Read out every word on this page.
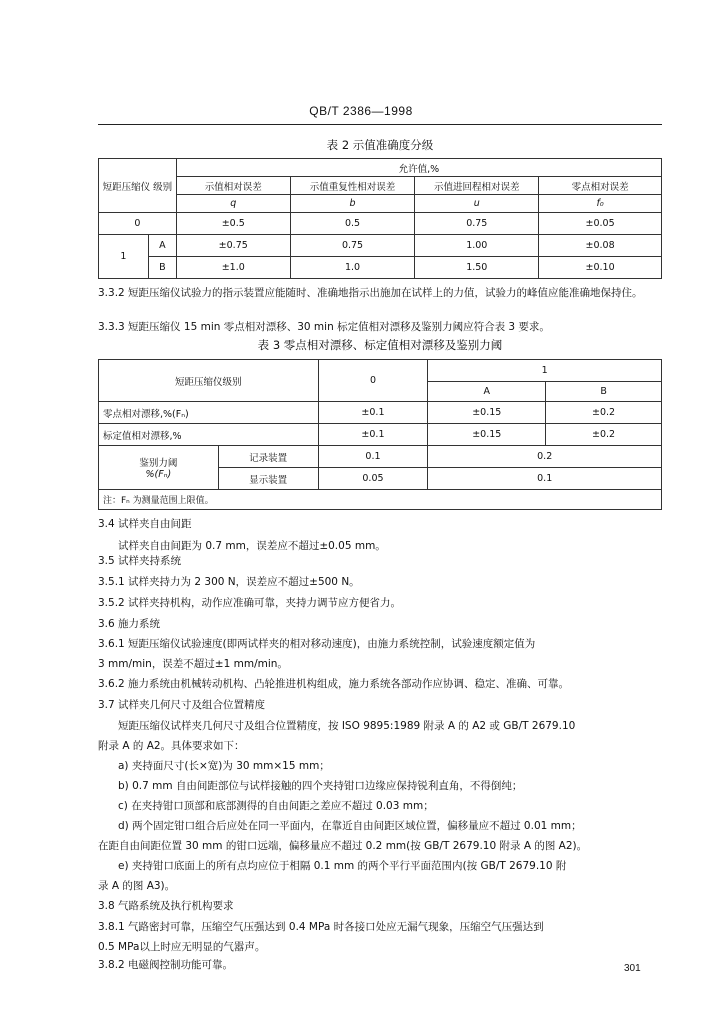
QB/T 2386—1998
表 2 示值准确度分级
短距压缩仪 级别		允许值,%			
		示值相对误差	示值重复性相对误差	示值进回程相对误差	零点相对误差
		q	b	u	f₀
0		±0.5	0.5	0.75	±0.05
1	A	±0.75	0.75	1.00	±0.08
	B	±1.0	1.0	1.50	±0.10
3.3.2 短距压缩仪试验力的指示装置应能随时、准确地指示出施加在试样上的力值，试验力的峰值应能准确地保持住。
3.3.3 短距压缩仪 15 min 零点相对漂移、30 min 标定值相对漂移及鉴别力阈应符合表 3 要求。
表 3 零点相对漂移、标定值相对漂移及鉴别力阈
短距压缩仪级别		0	1	
			A	B
零点相对漂移,%(Fₙ)		±0.1	±0.15	±0.2
标定值相对漂移,%		±0.1	±0.15	±0.2

鉴别力阈
%(Fₙ)	记录装置	0.1	0.2	
	显示装置	0.05	0.1	
注：Fₙ 为测量范围上限值。				
3.4 试样夹自由间距
试样夹自由间距为 0.7 mm，误差应不超过±0.05 mm。
3.5 试样夹持系统
3.5.1 试样夹持力为 2 300 N，误差应不超过±500 N。
3.5.2 试样夹持机构，动作应准确可靠，夹持力调节应方便省力。
3.6 施力系统
3.6.1 短距压缩仪试验速度(即两试样夹的相对移动速度)，由施力系统控制，试验速度额定值为
3 mm/min，误差不超过±1 mm/min。
3.6.2 施力系统由机械转动机构、凸轮推进机构组成，施力系统各部动作应协调、稳定、准确、可靠。
3.7 试样夹几何尺寸及组合位置精度
短距压缩仪试样夹几何尺寸及组合位置精度，按 ISO 9895:1989 附录 A 的 A2 或 GB/T 2679.10
附录 A 的 A2。具体要求如下：
a) 夹持面尺寸(长×宽)为 30 mm×15 mm；
b) 0.7 mm 自由间距部位与试样接触的四个夹持钳口边缘应保持锐利直角，不得倒纯；
c) 在夹持钳口顶部和底部测得的自由间距之差应不超过 0.03 mm；
d) 两个固定钳口组合后应处在同一平面内，在靠近自由间距区域位置，偏移量应不超过 0.01 mm；
在距自由间距位置 30 mm 的钳口远端，偏移量应不超过 0.2 mm(按 GB/T 2679.10 附录 A 的图 A2)。
e) 夹持钳口底面上的所有点均应位于相隔 0.1 mm 的两个平行平面范围内(按 GB/T 2679.10 附
录 A 的图 A3)。
3.8 气路系统及执行机构要求
3.8.1 气路密封可靠，压缩空气压强达到 0.4 MPa 时各接口处应无漏气现象，压缩空气压强达到
0.5 MPa以上时应无明显的气嚣声。
3.8.2 电磁阀控制功能可靠。	301
